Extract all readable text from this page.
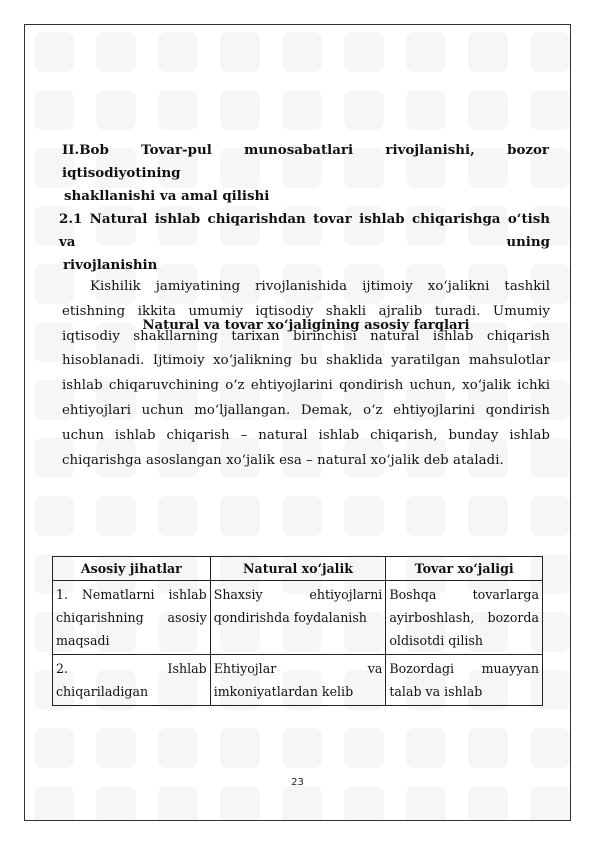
II.Bob Tovar-pul munosabatlari rivojlanishi, bozor iqtisodiyotining
shakllanishi va amal qilishi
2.1 Natural ishlab chiqarishdan tovar ishlab chiqarishga o‘tish va uning
rivojlanishin

Kishilik jamiyatining rivojlanishida ijtimoiy xo‘jalikni tashkil etishning ikkita umumiy iqtisodiy shakli ajralib turadi. Umumiy iqtisodiy shakllarning tarixan birinchisi natural ishlab chiqarish hisoblanadi. Ijtimoiy xo‘jalikning bu shaklida yaratilgan mahsulotlar ishlab chiqaruvchining o‘z ehtiyojlarini qondirish uchun, xo‘jalik ichki ehtiyojlari uchun mo‘ljallangan. Demak, o‘z ehtiyojlarini qondirish uchun ishlab chiqarish – natural ishlab chiqarish, bunday ishlab chiqarishga asoslangan xo‘jalik esa – natural xo‘jalik deb ataladi.

Natural va tovar xo‘jaligining asosiy farqlari
Asosiy jihatlar	Natural xo‘jalik	Tovar xo‘jaligi
1. Nematlarni ishlab chiqarishning asosiy maqsadi	Shaxsiy ehtiyojlarni qondirishda foydalanish	Boshqa tovarlarga ayirboshlash, bozorda oldisotdi qilish
2. Ishlab chiqariladigan	Ehtiyojlar va imkoniyatlardan kelib	Bozordagi muayyan talab va ishlab
23
